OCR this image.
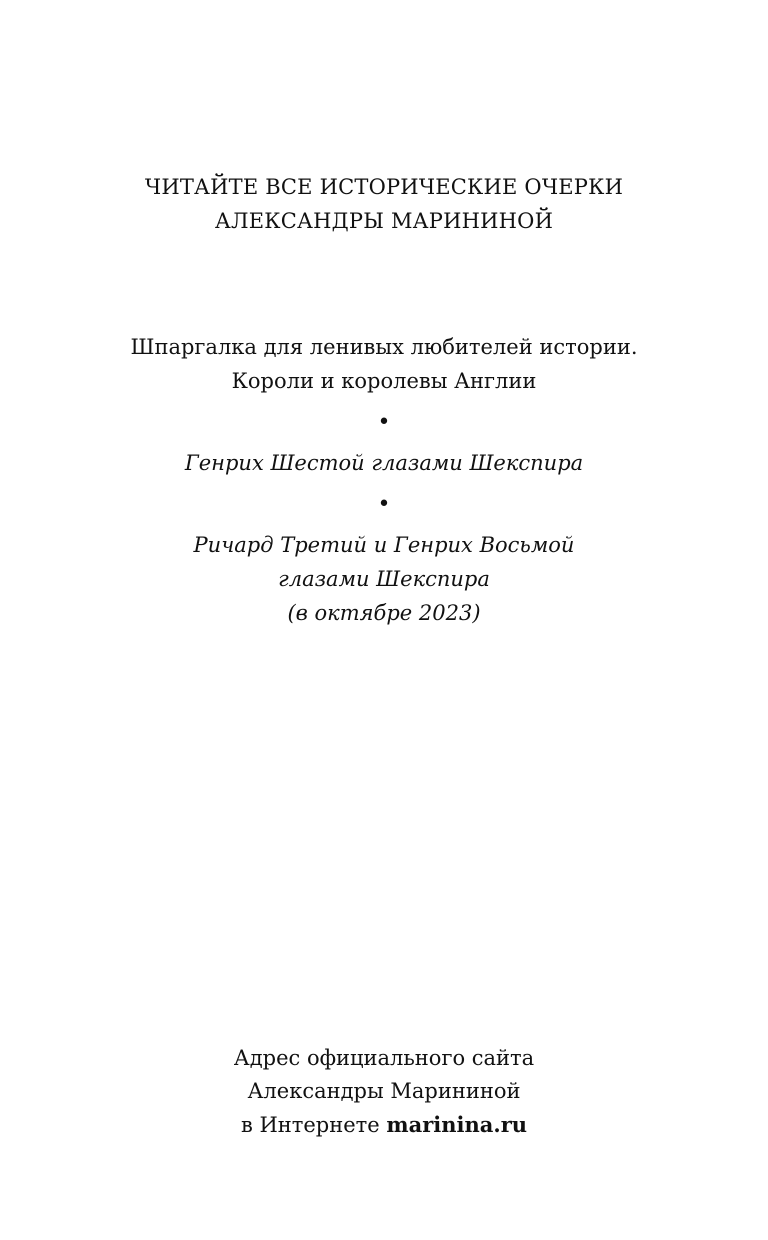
ЧИТАЙТЕ ВСЕ ИСТОРИЧЕСКИЕ ОЧЕРКИ
АЛЕКСАНДРЫ МАРИНИНОЙ
Шпаргалка для ленивых любителей истории.
Короли и королевы Англии
•
Генрих Шестой глазами Шекспира
•
Ричард Третий и Генрих Восьмой
глазами Шекспира
(в октябре 2023)
Адрес официального сайта
Александры Марининой
в Интернете marinina.ru
